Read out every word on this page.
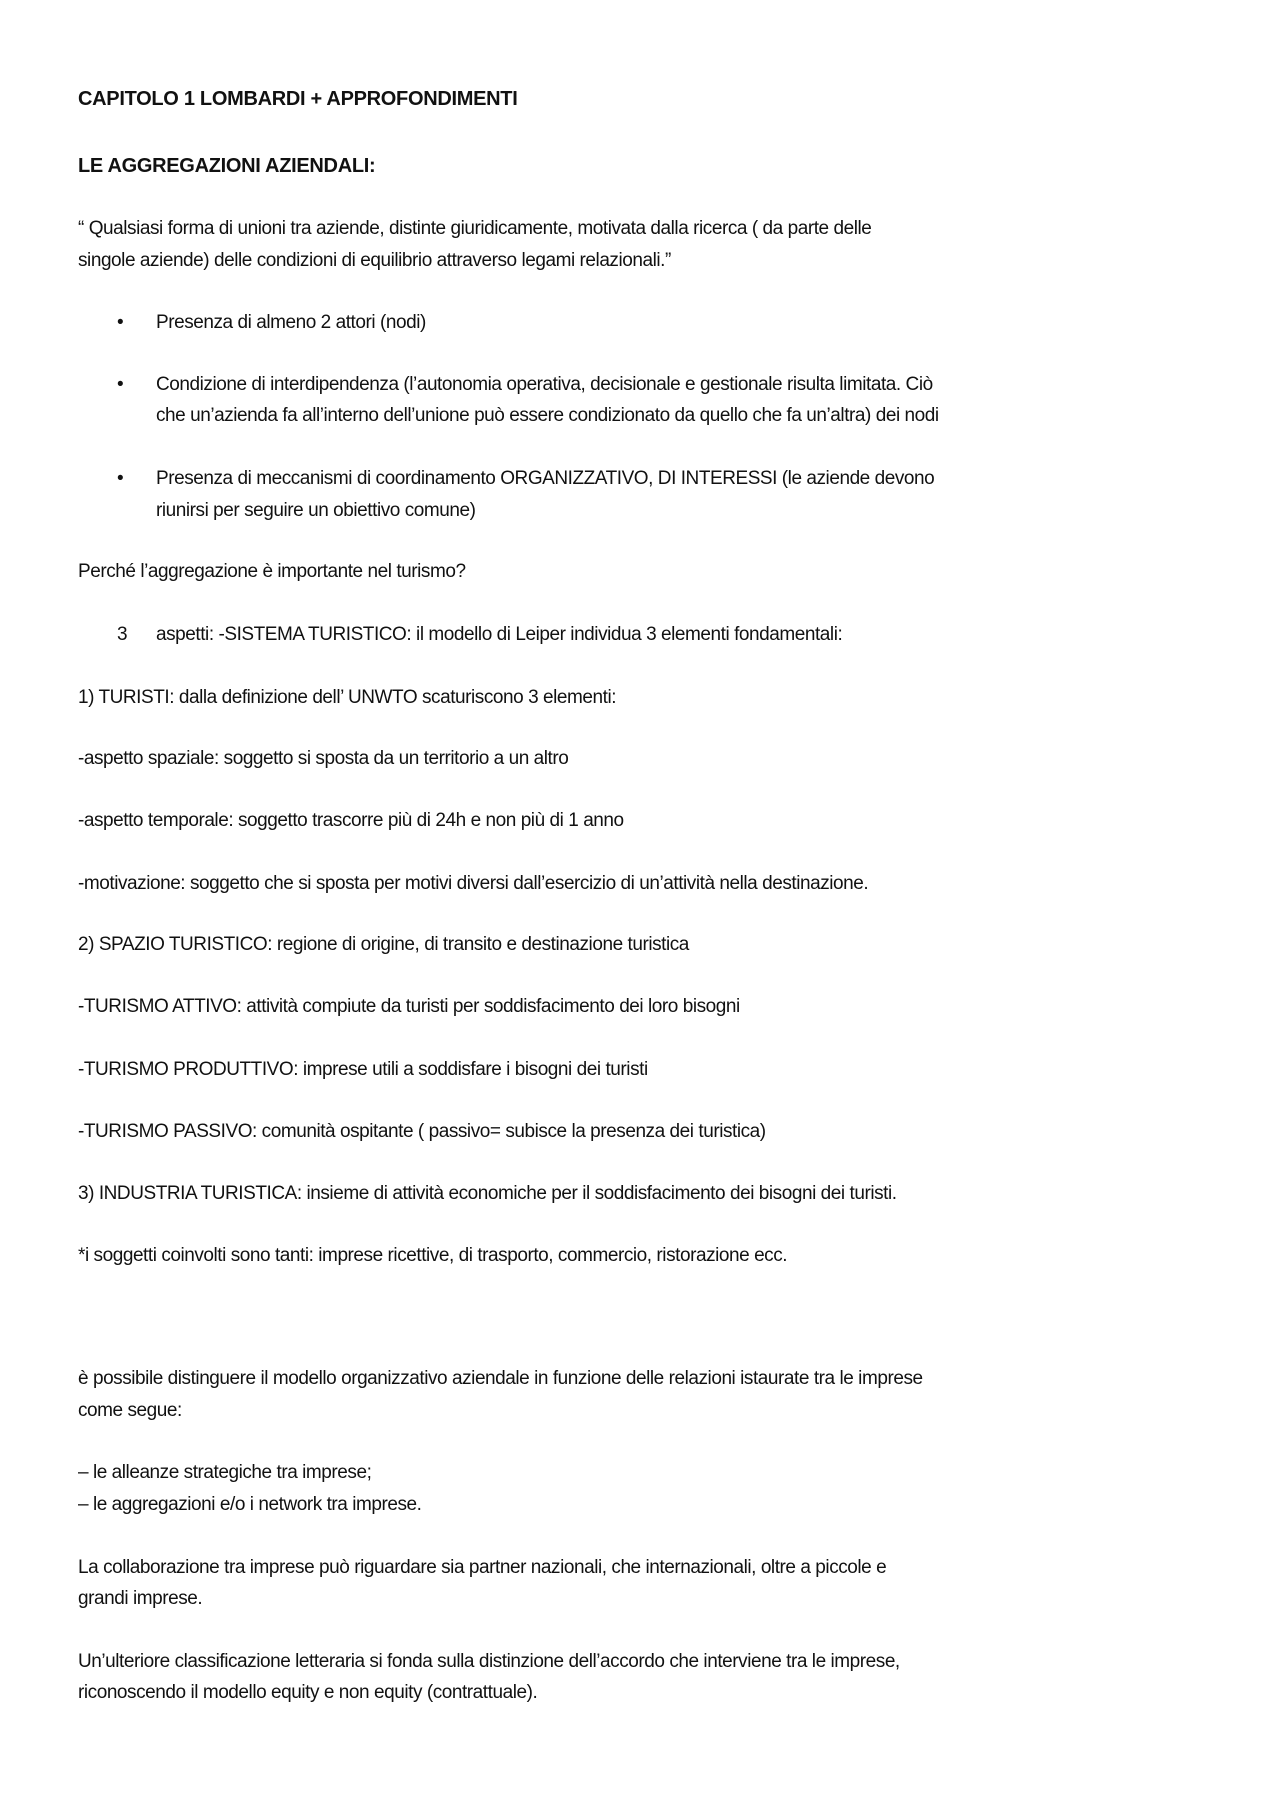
CAPITOLO 1 LOMBARDI + APPROFONDIMENTI
LE AGGREGAZIONI AZIENDALI:
“ Qualsiasi forma di unioni tra aziende, distinte giuridicamente, motivata dalla ricerca ( da parte delle
singole aziende) delle condizioni di equilibrio attraverso legami relazionali.”
• Presenza di almeno 2 attori (nodi)
• Condizione di interdipendenza (l’autonomia operativa, decisionale e gestionale risulta limitata. Ciò
che un’azienda fa all’interno dell’unione può essere condizionato da quello che fa un’altra) dei nodi
• Presenza di meccanismi di coordinamento ORGANIZZATIVO, DI INTERESSI (le aziende devono
riunirsi per seguire un obiettivo comune)
Perché l’aggregazione è importante nel turismo?
3 aspetti: -SISTEMA TURISTICO: il modello di Leiper individua 3 elementi fondamentali:
1) TURISTI: dalla definizione dell’ UNWTO scaturiscono 3 elementi:
-aspetto spaziale: soggetto si sposta da un territorio a un altro
-aspetto temporale: soggetto trascorre più di 24h e non più di 1 anno
-motivazione: soggetto che si sposta per motivi diversi dall’esercizio di un’attività nella destinazione.
2) SPAZIO TURISTICO: regione di origine, di transito e destinazione turistica
-TURISMO ATTIVO: attività compiute da turisti per soddisfacimento dei loro bisogni
-TURISMO PRODUTTIVO: imprese utili a soddisfare i bisogni dei turisti
-TURISMO PASSIVO: comunità ospitante ( passivo= subisce la presenza dei turistica)
3) INDUSTRIA TURISTICA: insieme di attività economiche per il soddisfacimento dei bisogni dei turisti.
*i soggetti coinvolti sono tanti: imprese ricettive, di trasporto, commercio, ristorazione ecc.
è possibile distinguere il modello organizzativo aziendale in funzione delle relazioni istaurate tra le imprese
come segue:
– le alleanze strategiche tra imprese;
– le aggregazioni e/o i network tra imprese.
La collaborazione tra imprese può riguardare sia partner nazionali, che internazionali, oltre a piccole e
grandi imprese.
Un’ulteriore classificazione letteraria si fonda sulla distinzione dell’accordo che interviene tra le imprese,
riconoscendo il modello equity e non equity (contrattuale).
